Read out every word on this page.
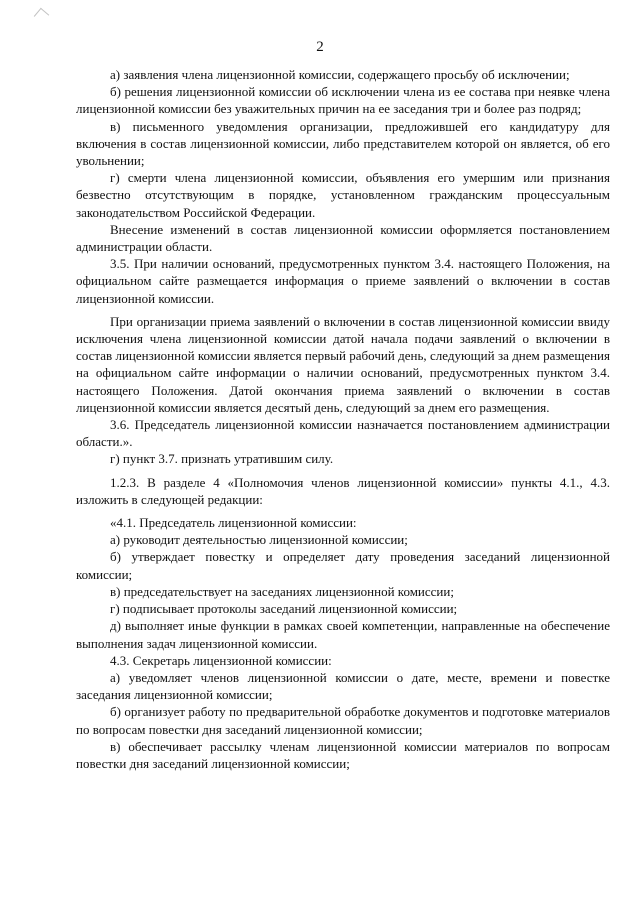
2

а) заявления члена лицензионной комиссии, содержащего просьбу об исключении;

б) решения лицензионной комиссии об исключении члена из ее состава при неявке члена лицензионной комиссии без уважительных причин на ее заседания три и более раз подряд;

в) письменного уведомления организации, предложившей его кандидатуру для включения в состав лицензионной комиссии, либо представителем которой он является, об его увольнении;

г) смерти члена лицензионной комиссии, объявления его умершим или признания безвестно отсутствующим в порядке, установленном гражданским процессуальным законодательством Российской Федерации.

Внесение изменений в состав лицензионной комиссии оформляется постановлением администрации области.

3.5. При наличии оснований, предусмотренных пунктом 3.4. настоящего Положения, на официальном сайте размещается информация о приеме заявлений о включении в состав лицензионной комиссии.

При организации приема заявлений о включении в состав лицензионной комиссии ввиду исключения члена лицензионной комиссии датой начала подачи заявлений о включении в состав лицензионной комиссии является первый рабочий день, следующий за днем размещения на официальном сайте информации о наличии оснований, предусмотренных пунктом 3.4. настоящего Положения. Датой окончания приема заявлений о включении в состав лицензионной комиссии является десятый день, следующий за днем его размещения.

3.6. Председатель лицензионной комиссии назначается постановлением администрации области.».

г) пункт 3.7. признать утратившим силу.

1.2.3. В разделе 4 «Полномочия членов лицензионной комиссии» пункты 4.1., 4.3. изложить в следующей редакции:

«4.1. Председатель лицензионной комиссии:

а) руководит деятельностью лицензионной комиссии;

б) утверждает повестку и определяет дату проведения заседаний лицензионной комиссии;

в) председательствует на заседаниях лицензионной комиссии;

г) подписывает протоколы заседаний лицензионной комиссии;

д) выполняет иные функции в рамках своей компетенции, направленные на обеспечение выполнения задач лицензионной комиссии.

4.3. Секретарь лицензионной комиссии:

а) уведомляет членов лицензионной комиссии о дате, месте, времени и повестке заседания лицензионной комиссии;

б) организует работу по предварительной обработке документов и подготовке материалов по вопросам повестки дня заседаний лицензионной комиссии;

в) обеспечивает рассылку членам лицензионной комиссии материалов по вопросам повестки дня заседаний лицензионной комиссии;
